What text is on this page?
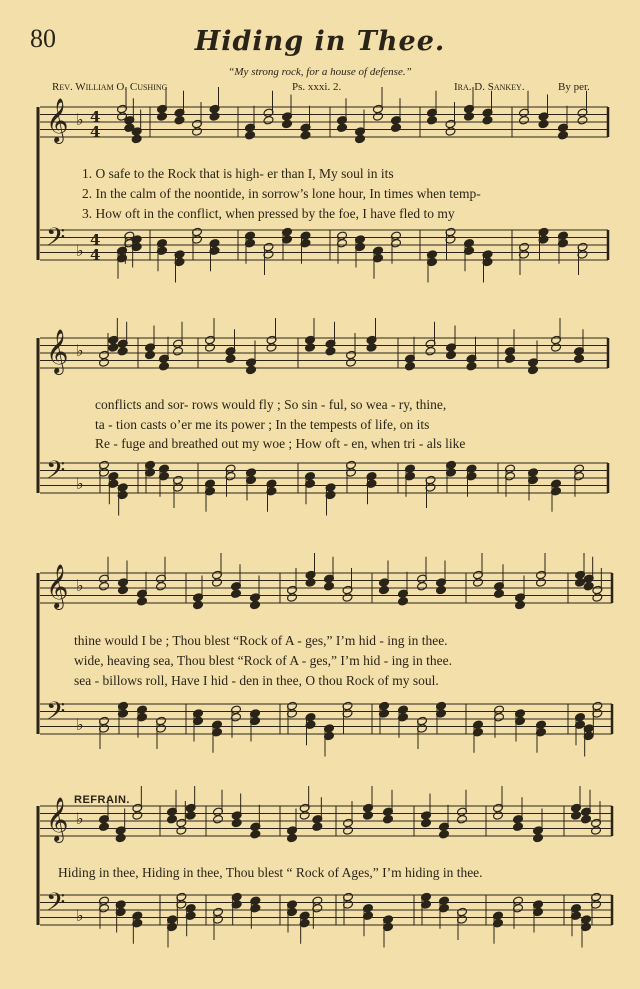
80	Hiding in Thee.
“My strong rock, for a house of defense.”
Rev. William O. Cushing	Ps. xxxi. 2.	Ira. D. Sankey.	By per.
𝄞 ♭ 4
4
𝄢 ♭
4
4
𝄞 ♭
𝄢 ♭
𝄞 ♭
𝄢 ♭
𝄞 ♭
𝄢 ♭
1. O safe to the Rock that is high- er than I, My soul in its
2. In the calm of the noontide, in sorrow’s lone hour, In times when temp-
3. How oft in the conflict, when pressed by the foe, I have fled to my
conflicts and sor- rows would fly ; So sin - ful, so wea - ry, thine,
ta - tion casts o’er me its power ; In the tempests of life, on its
Re - fuge and breathed out my woe ; How oft - en, when tri - als like
thine would I be ; Thou blest “Rock of A - ges,” I’m hid - ing in thee.
wide, heaving sea, Thou blest “Rock of A - ges,” I’m hid - ing in thee.
sea - billows roll, Have I hid - den in thee, O thou Rock of my soul.
REFRAIN.
Hiding in thee, Hiding in thee, Thou blest “ Rock of Ages,” I’m hiding in thee.
